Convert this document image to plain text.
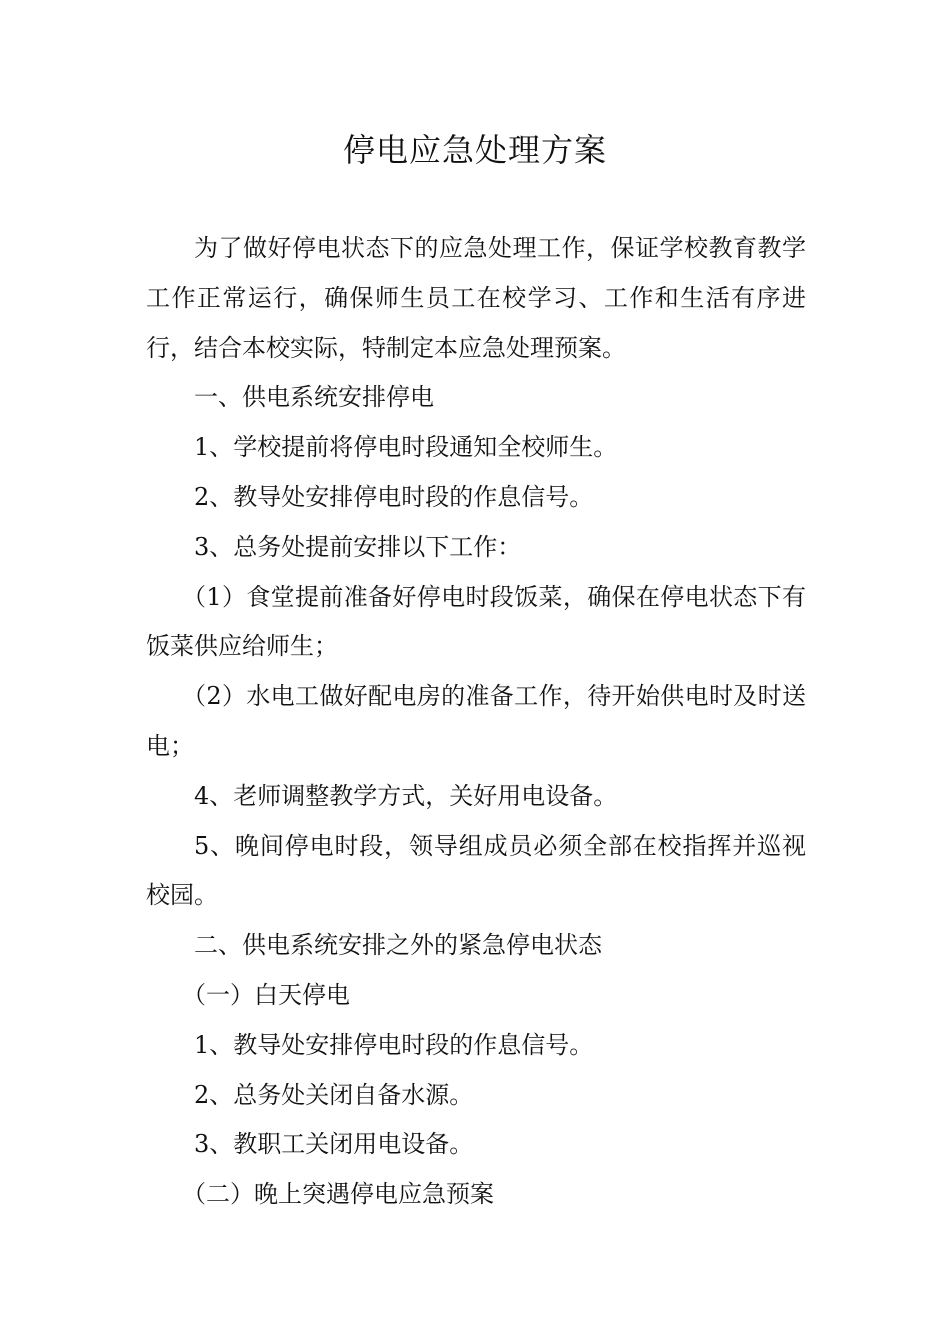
停电应急处理方案

为了做好停电状态下的应急处理工作，保证学校教育教学工作正常运行，确保师生员工在校学习、工作和生活有序进行，结合本校实际，特制定本应急处理预案。

一、供电系统安排停电

1、学校提前将停电时段通知全校师生。

2、教导处安排停电时段的作息信号。

3、总务处提前安排以下工作：

（1）食堂提前准备好停电时段饭菜，确保在停电状态下有饭菜供应给师生；

（2）水电工做好配电房的准备工作，待开始供电时及时送电；

4、老师调整教学方式，关好用电设备。

5、晚间停电时段，领导组成员必须全部在校指挥并巡视校园。

二、供电系统安排之外的紧急停电状态

（一）白天停电

1、教导处安排停电时段的作息信号。

2、总务处关闭自备水源。

3、教职工关闭用电设备。

（二）晚上突遇停电应急预案
